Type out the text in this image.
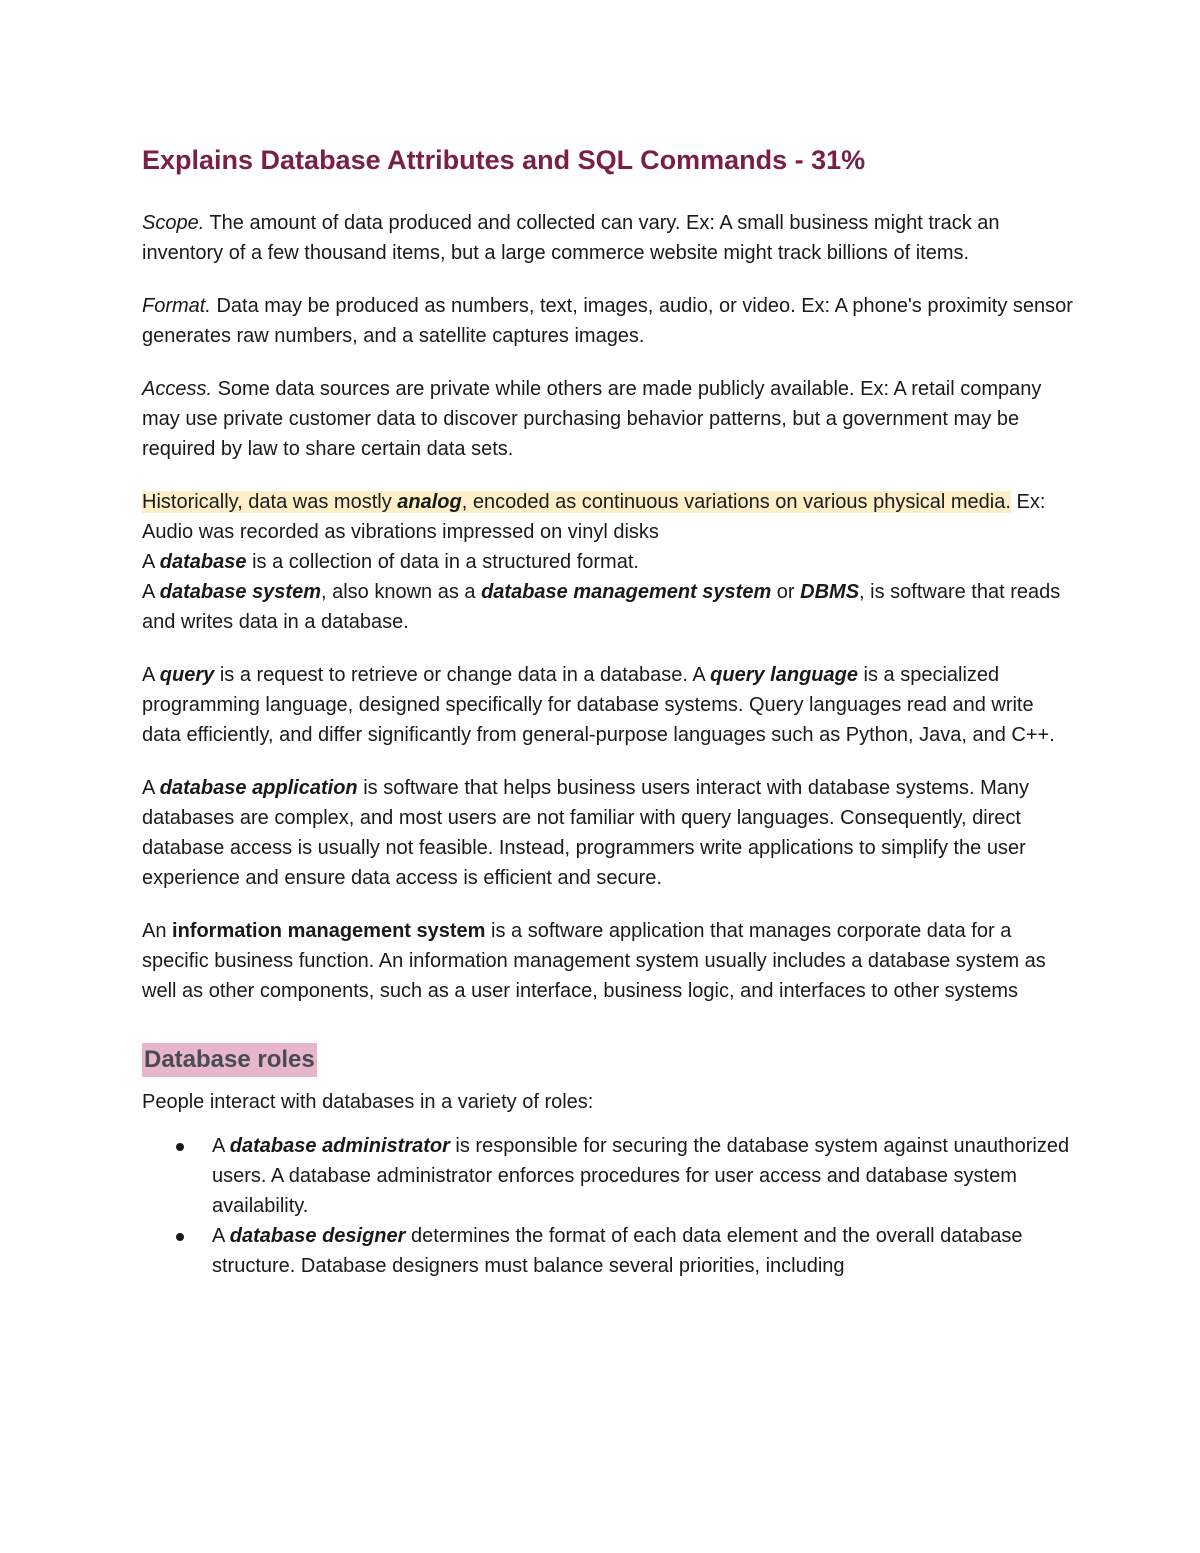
Explains Database Attributes and SQL Commands - 31%

Scope. The amount of data produced and collected can vary. Ex: A small business might track an inventory of a few thousand items, but a large commerce website might track billions of items.

Format. Data may be produced as numbers, text, images, audio, or video. Ex: A phone's proximity sensor generates raw numbers, and a satellite captures images.

Access. Some data sources are private while others are made publicly available. Ex: A retail company may use private customer data to discover purchasing behavior patterns, but a government may be required by law to share certain data sets.

Historically, data was mostly analog, encoded as continuous variations on various physical media. Ex: Audio was recorded as vibrations impressed on vinyl disks

A database is a collection of data in a structured format.

A database system, also known as a database management system or DBMS, is software that reads and writes data in a database.

A query is a request to retrieve or change data in a database. A query language is a specialized programming language, designed specifically for database systems. Query languages read and write data efficiently, and differ significantly from general-purpose languages such as Python, Java, and C++.

A database application is software that helps business users interact with database systems. Many databases are complex, and most users are not familiar with query languages. Consequently, direct database access is usually not feasible. Instead, programmers write applications to simplify the user experience and ensure data access is efficient and secure.

An information management system is a software application that manages corporate data for a specific business function. An information management system usually includes a database system as well as other components, such as a user interface, business logic, and interfaces to other systems

Database roles

People interact with databases in a variety of roles:

A database administrator is responsible for securing the database system against unauthorized users. A database administrator enforces procedures for user access and database system availability.
A database designer determines the format of each data element and the overall database structure. Database designers must balance several priorities, including
